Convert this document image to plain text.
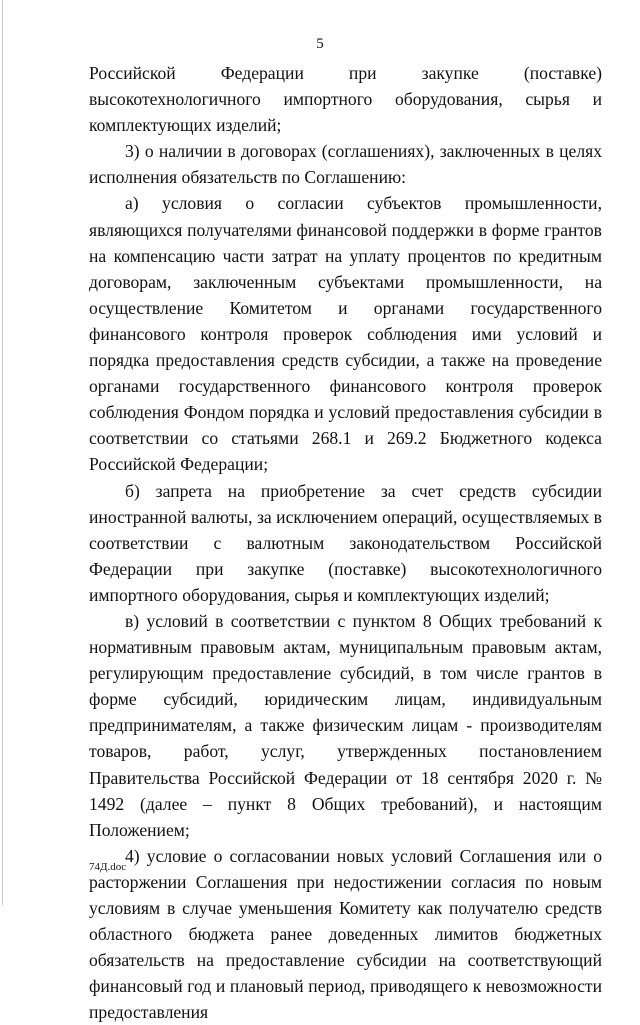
5

Российской Федерации при закупке (поставке) высокотехнологичного импортного оборудования, сырья и комплектующих изделий;

3) о наличии в договорах (соглашениях), заключенных в целях исполнения обязательств по Соглашению:

а) условия о согласии субъектов промышленности, являющихся получателями финансовой поддержки в форме грантов на компенсацию части затрат на уплату процентов по кредитным договорам, заключенным субъектами промышленности, на осуществление Комитетом и органами государственного финансового контроля проверок соблюдения ими условий и порядка предоставления средств субсидии, а также на проведение органами государственного финансового контроля проверок соблюдения Фондом порядка и условий предоставления субсидии в соответствии со статьями 268.1 и 269.2 Бюджетного кодекса Российской Федерации;

б) запрета на приобретение за счет средств субсидии иностранной валюты, за исключением операций, осуществляемых в соответствии с валютным законодательством Российской Федерации при закупке (поставке) высокотехнологичного импортного оборудования, сырья и комплектующих изделий;

в) условий в соответствии с пунктом 8 Общих требований к нормативным правовым актам, муниципальным правовым актам, регулирующим предоставление субсидий, в том числе грантов в форме субсидий, юридическим лицам, индивидуальным предпринимателям, а также физическим лицам - производителям товаров, работ, услуг, утвержденных постановлением Правительства Российской Федерации от 18 сентября 2020 г. № 1492 (далее – пункт 8 Общих требований), и настоящим Положением;

4) условие о согласовании новых условий Соглашения или о расторжении Соглашения при недостижении согласия по новым условиям в случае уменьшения Комитету как получателю средств областного бюджета ранее доведенных лимитов бюджетных обязательств на предоставление субсидии на соответствующий финансовый год и плановый период, приводящего к невозможности предоставления

74Д.doc
